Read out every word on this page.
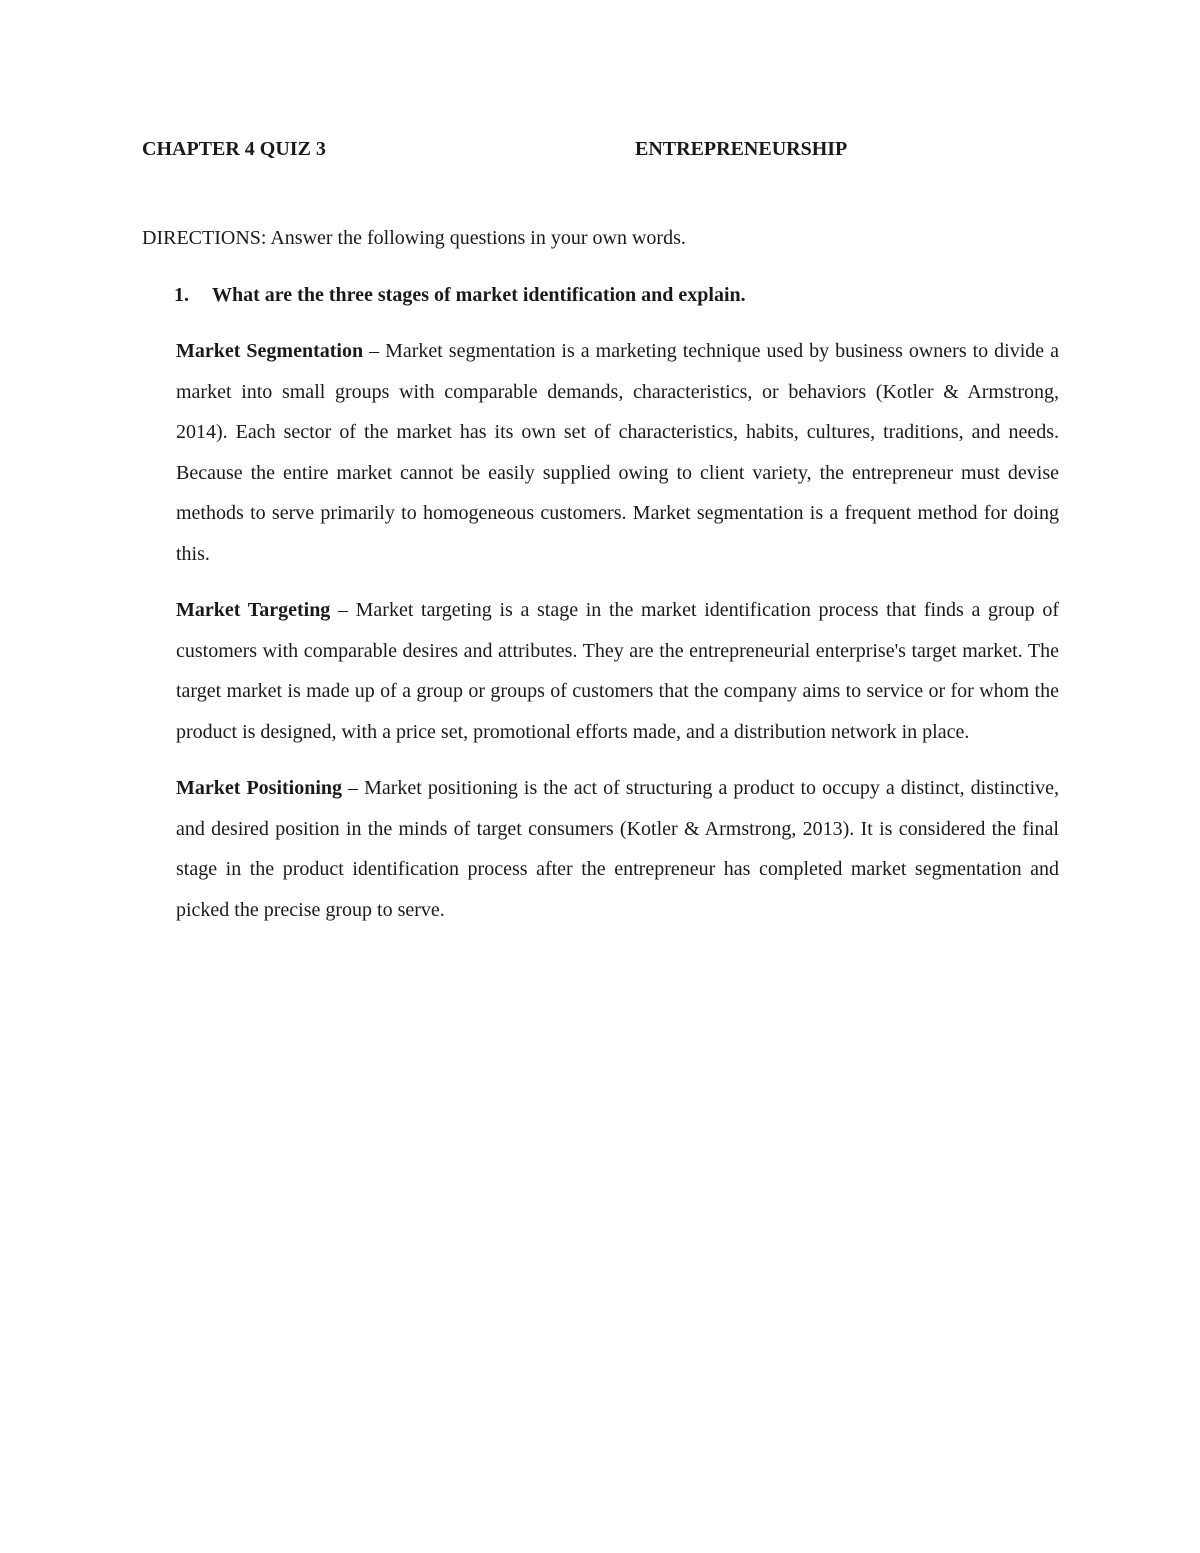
CHAPTER 4 QUIZ 3	ENTREPRENEURSHIP
DIRECTIONS: Answer the following questions in your own words.
1. What are the three stages of market identification and explain.

Market Segmentation – Market segmentation is a marketing technique used by business owners to divide a market into small groups with comparable demands, characteristics, or behaviors (Kotler & Armstrong, 2014). Each sector of the market has its own set of characteristics, habits, cultures, traditions, and needs. Because the entire market cannot be easily supplied owing to client variety, the entrepreneur must devise methods to serve primarily to homogeneous customers. Market segmentation is a frequent method for doing this.

Market Targeting – Market targeting is a stage in the market identification process that finds a group of customers with comparable desires and attributes. They are the entrepreneurial enterprise's target market. The target market is made up of a group or groups of customers that the company aims to service or for whom the product is designed, with a price set, promotional efforts made, and a distribution network in place.

Market Positioning – Market positioning is the act of structuring a product to occupy a distinct, distinctive, and desired position in the minds of target consumers (Kotler & Armstrong, 2013). It is considered the final stage in the product identification process after the entrepreneur has completed market segmentation and picked the precise group to serve.
